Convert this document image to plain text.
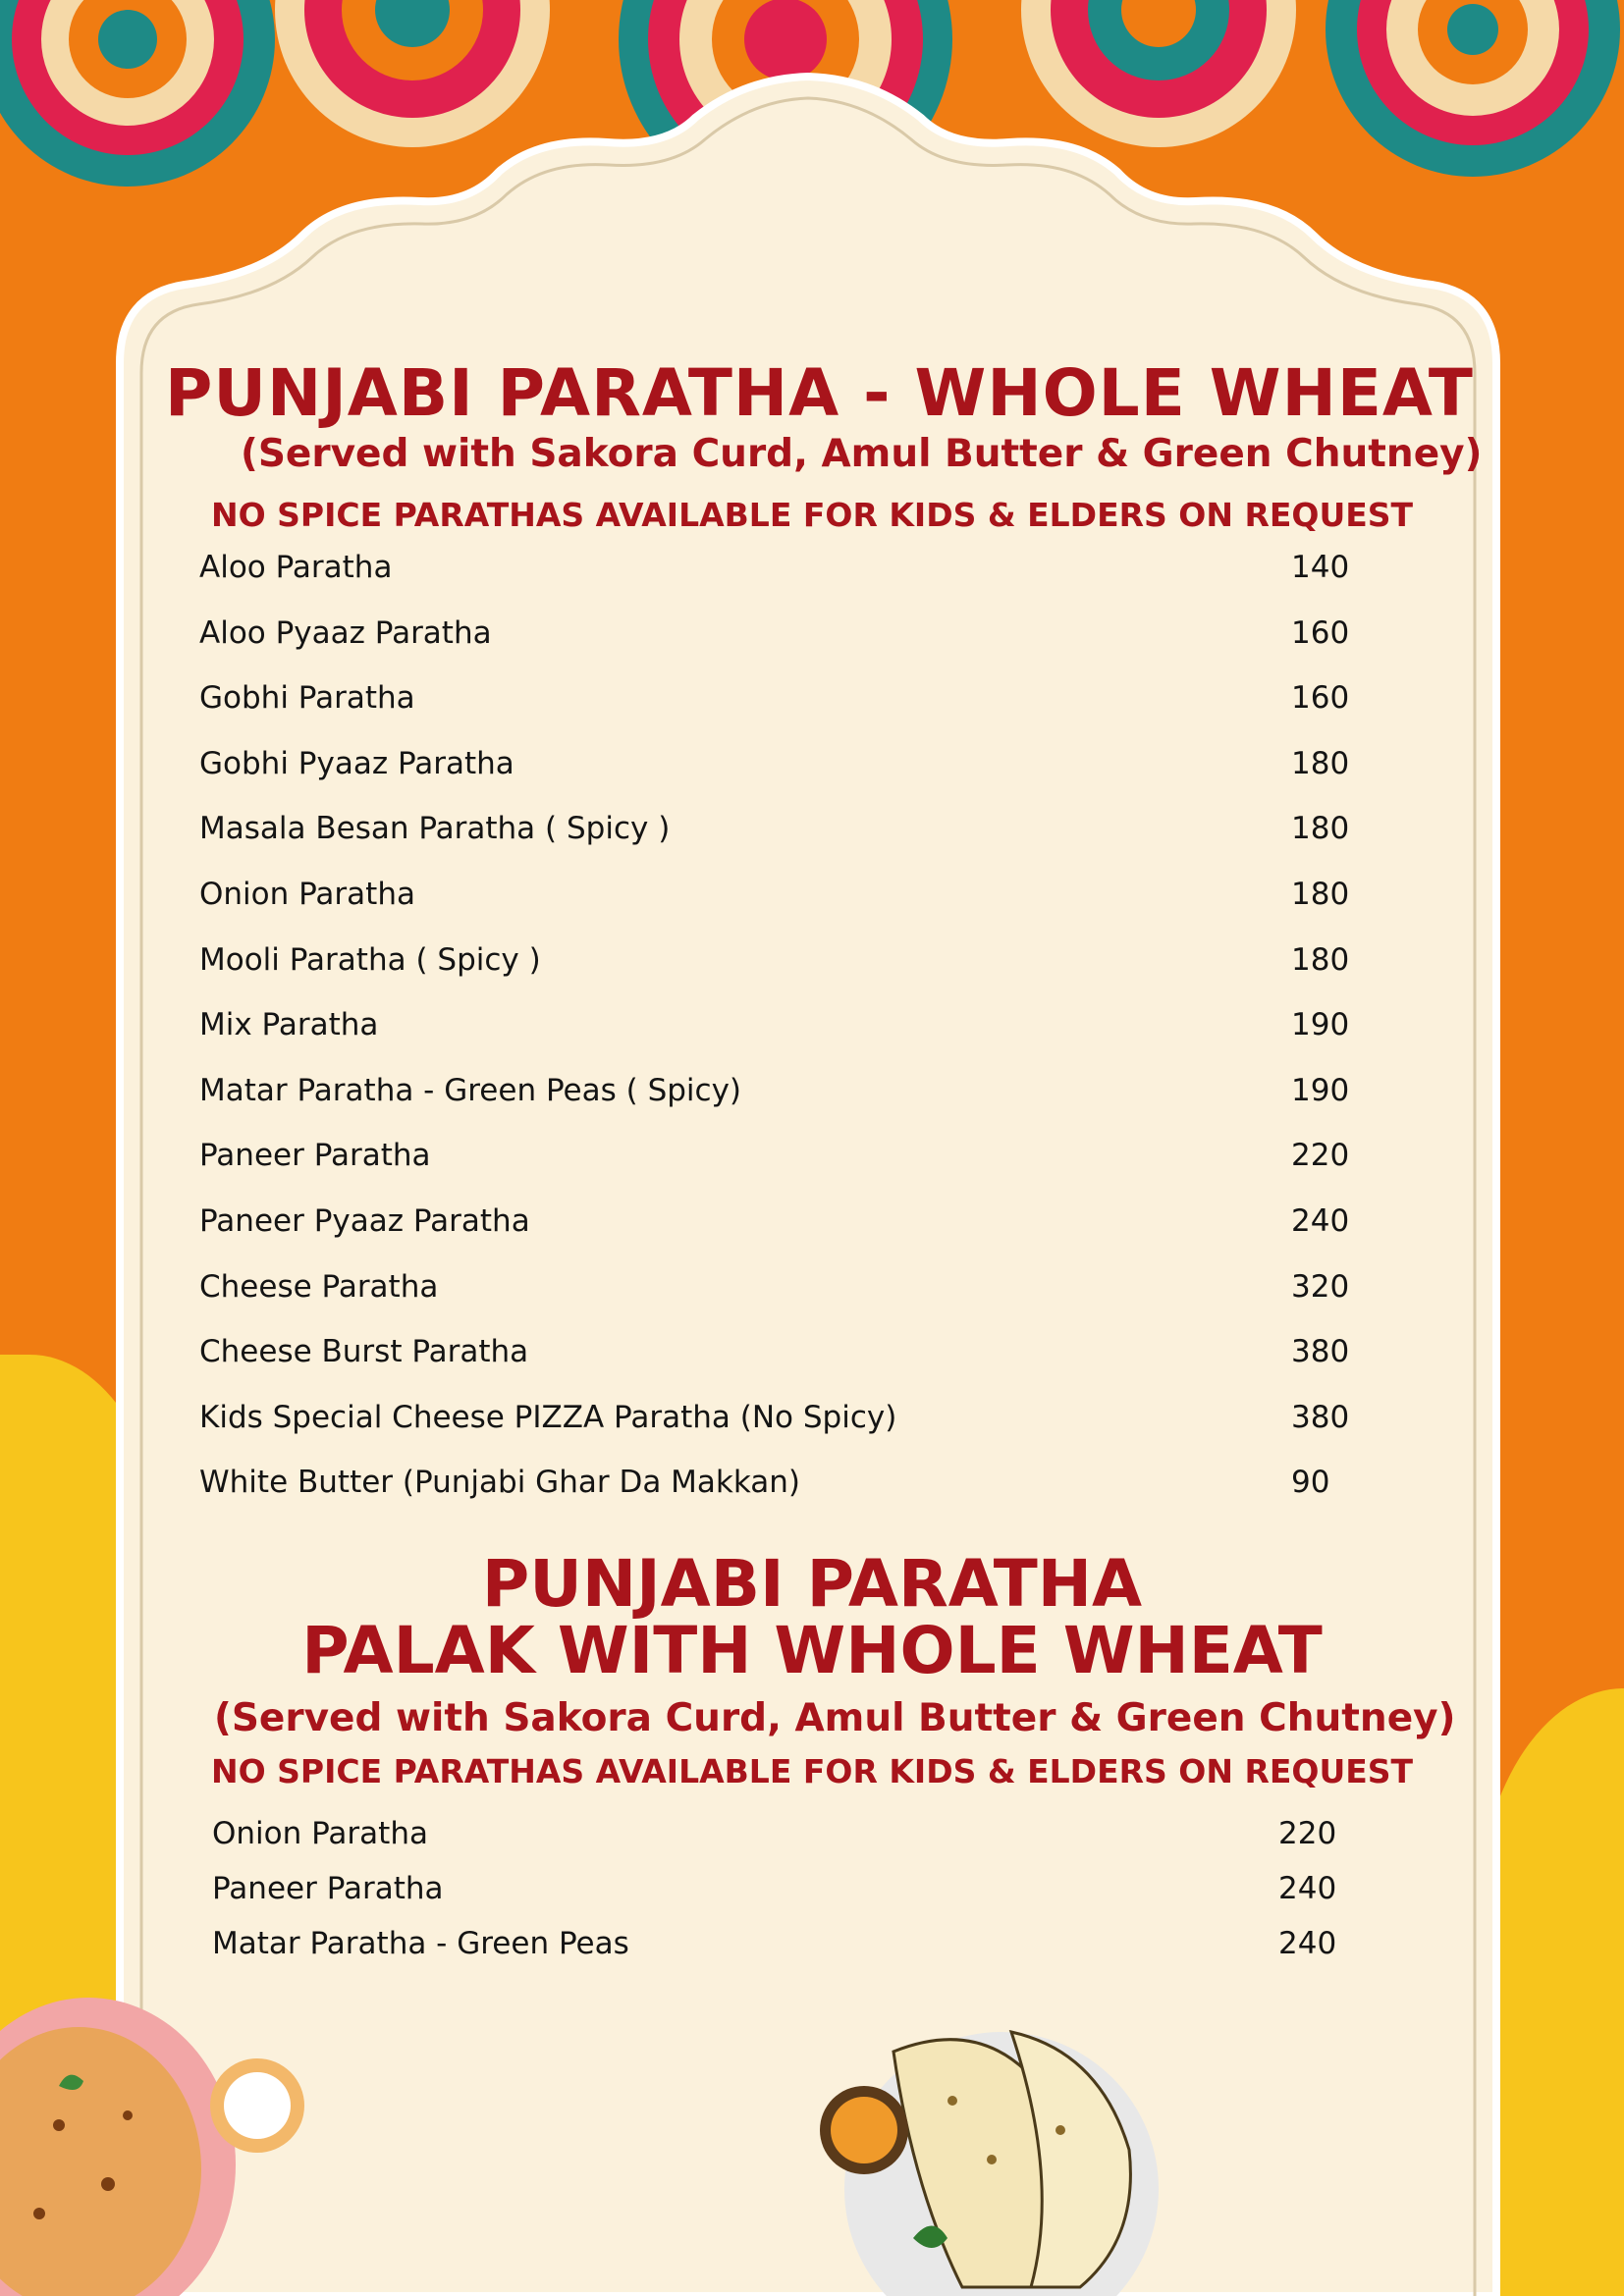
PUNJABI PARATHA - WHOLE WHEAT
(Served with Sakora Curd, Amul Butter & Green Chutney)
NO SPICE PARATHAS AVAILABLE FOR KIDS & ELDERS ON REQUEST
Aloo Paratha	140
Aloo Pyaaz Paratha	160
Gobhi Paratha	160
Gobhi Pyaaz Paratha	180
Masala Besan Paratha ( Spicy )	180
Onion Paratha	180
Mooli Paratha ( Spicy )	180
Mix Paratha	190
Matar Paratha - Green Peas ( Spicy)	190
Paneer Paratha	220
Paneer Pyaaz Paratha	240
Cheese Paratha	320
Cheese Burst Paratha	380
Kids Special Cheese PIZZA Paratha (No Spicy)	380
White Butter (Punjabi Ghar Da Makkan)	90
PUNJABI PARATHA
PALAK WITH WHOLE WHEAT
(Served with Sakora Curd, Amul Butter & Green Chutney)
NO SPICE PARATHAS AVAILABLE FOR KIDS & ELDERS ON REQUEST
Onion Paratha	220
Paneer Paratha	240
Matar Paratha - Green Peas	240
